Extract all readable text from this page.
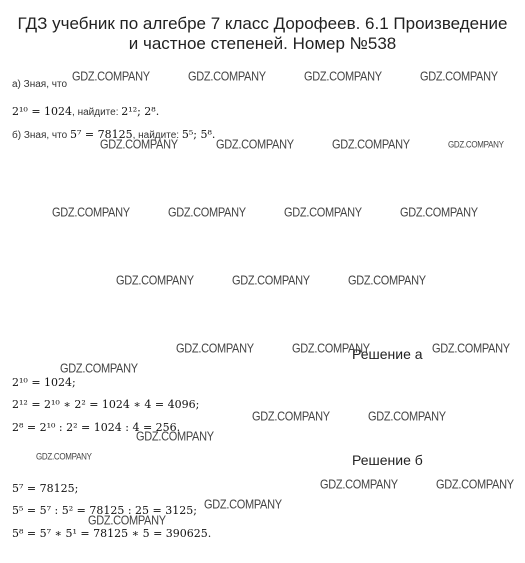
ГДЗ учебник по алгебре 7 класс Дорофеев. 6.1 Произведение
и частное степеней. Номер №538
а) Зная, что
2¹⁰ = 1024, найдите: 2¹²; 2⁸.
б) Зная, что 5⁷ = 78125, найдите: 5⁵; 5⁸.
Решение а
2¹⁰ = 1024;
2¹² = 2¹⁰ ∗ 2² = 1024 ∗ 4 = 4096;
2⁸ = 2¹⁰ : 2² = 1024 : 4 = 256.
Решение б
5⁷ = 78125;
5⁵ = 5⁷ : 5² = 78125 : 25 = 3125;
5⁸ = 5⁷ ∗ 5¹ = 78125 ∗ 5 = 390625.
GDZ.COMPANY	GDZ.COMPANY	GDZ.COMPANY	GDZ.COMPANY
GDZ.COMPANY	GDZ.COMPANY	GDZ.COMPANY	GDZ.COMPANY
GDZ.COMPANY	GDZ.COMPANY	GDZ.COMPANY	GDZ.COMPANY
GDZ.COMPANY	GDZ.COMPANY	GDZ.COMPANY
GDZ.COMPANY	GDZ.COMPANY	GDZ.COMPANY
GDZ.COMPANY
GDZ.COMPANY	GDZ.COMPANY
GDZ.COMPANY
GDZ.COMPANY
GDZ.COMPANY	GDZ.COMPANY
GDZ.COMPANY
GDZ.COMPANY
